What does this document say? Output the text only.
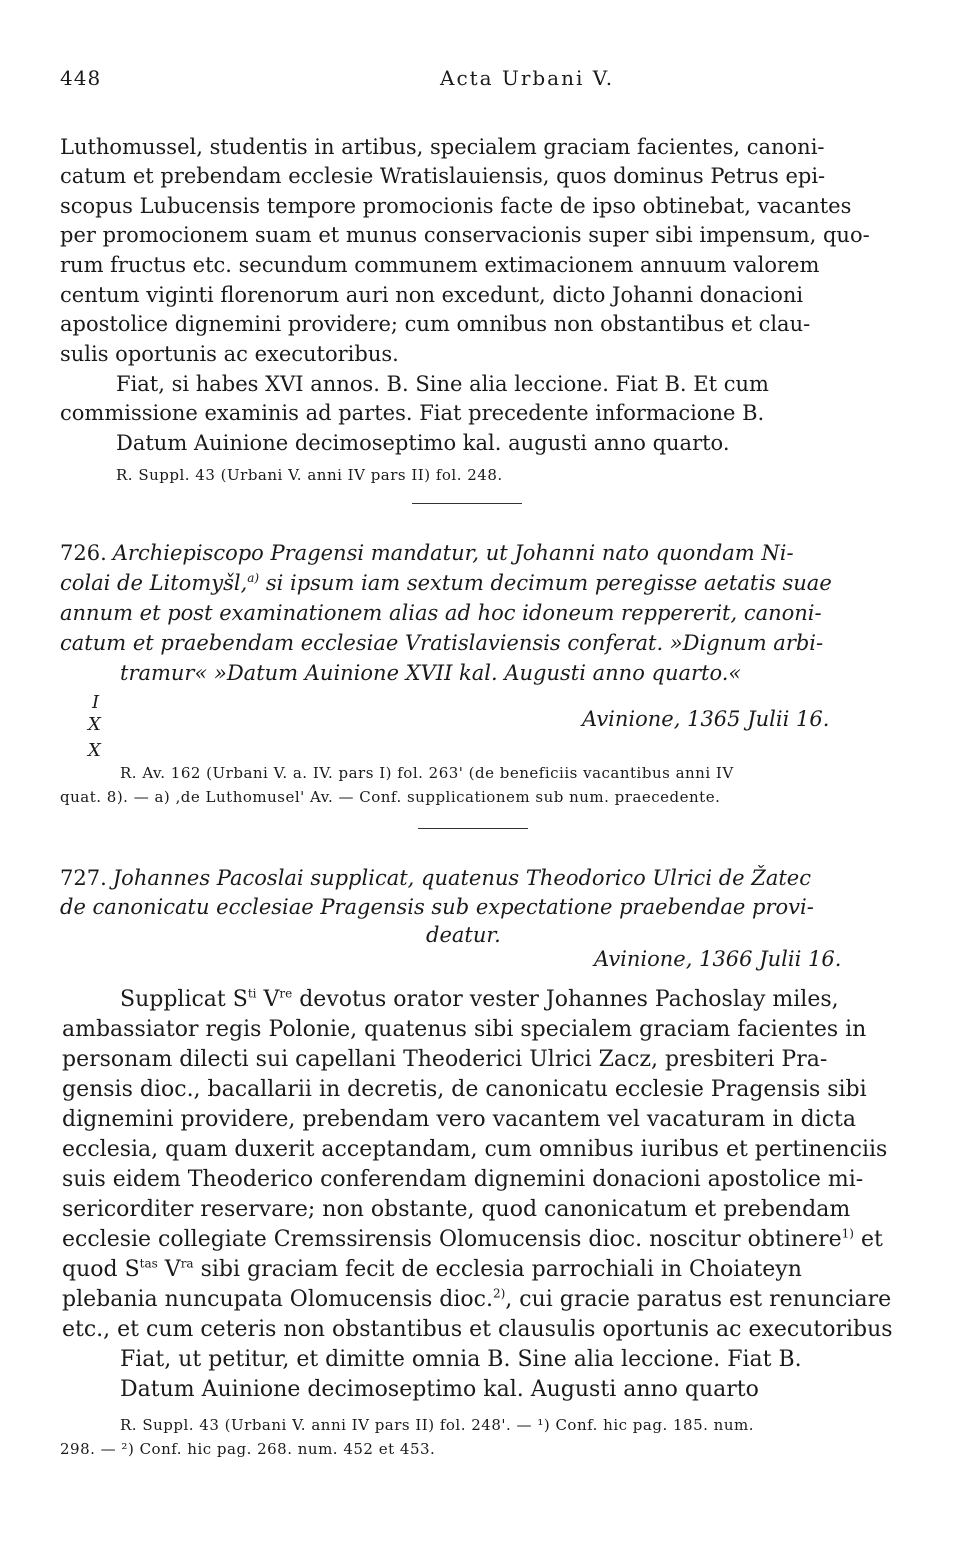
448	Acta Urbani V.
Luthomussel, studentis in artibus, specialem graciam facientes, canoni-
catum et prebendam ecclesie Wratislauiensis, quos dominus Petrus epi-
scopus Lubucensis tempore promocionis facte de ipso obtinebat, vacantes
per promocionem suam et munus conservacionis super sibi impensum, quo-
rum fructus etc. secundum communem extimacionem annuum valorem
centum viginti florenorum auri non excedunt, dicto Johanni donacioni
apostolice dignemini providere; cum omnibus non obstantibus et clau-
sulis oportunis ac executoribus.
Fiat, si habes XVI annos. B. Sine alia leccione. Fiat B. Et cum
commissione examinis ad partes. Fiat precedente informacione B.
Datum Auinione decimoseptimo kal. augusti anno quarto.
R. Suppl. 43 (Urbani V. anni IV pars II) fol. 248.
726. Archiepiscopo Pragensi mandatur, ut Johanni nato quondam Ni-
colai de Litomyšl,$^{a)}$ si ipsum iam sextum decimum peregisse aetatis suae
annum et post examinationem alias ad hoc idoneum reppererit, canoni-
catum et praebendam ecclesiae Vratislaviensis conferat. »Dignum arbi-
tramur« »Datum Auinione XVII kal. Augusti anno quarto.«
I
X
X
Avinione, 1365 Julii 16.
R. Av. 162 (Urbani V. a. IV. pars I) fol. 263' (de beneficiis vacantibus anni IV
quat. 8). — a) ‚de Luthomusel' Av. — Conf. supplicationem sub num. praecedente.
727. Johannes Pacoslai supplicat, quatenus Theodorico Ulrici de Žatec
de canonicatu ecclesiae Pragensis sub expectatione praebendae provi-
deatur.
Avinione, 1366 Julii 16.
Supplicat $S^{ti}$ Vre devotus orator vester Johannes Pachoslay miles,
ambassiator regis Polonie, quatenus sibi specialem graciam facientes in
personam dilecti sui capellani Theoderici Ulrici Zacz, presbiteri Pra-
gensis dioc., bacallarii in decretis, de canonicatu ecclesie Pragensis sibi
dignemini providere, prebendam vero vacantem vel vacaturam in dicta
ecclesia, quam duxerit acceptandam, cum omnibus iuribus et pertinenciis
suis eidem Theoderico conferendam dignemini donacioni apostolice mi-
sericorditer reservare; non obstante, quod canonicatum et prebendam
ecclesie collegiate Cremssirensis Olomucensis dioc. noscitur obtinere$^{1)}$ et
quod $S^{tas}$ $V^{ra}$ sibi graciam fecit de ecclesia parrochiali in Choiateyn
plebania nuncupata Olomucensis dioc.$^{2)}$, cui gracie paratus est renunciare
etc., et cum ceteris non obstantibus et clausulis oportunis ac executoribus
Fiat, ut petitur, et dimitte omnia B. Sine alia leccione. Fiat B.
Datum Auinione decimoseptimo kal. Augusti anno quarto
R. Suppl. 43 (Urbani V. anni IV pars II) fol. 248'. — ¹) Conf. hic pag. 185. num.
298. — ²) Conf. hic pag. 268. num. 452 et 453.
